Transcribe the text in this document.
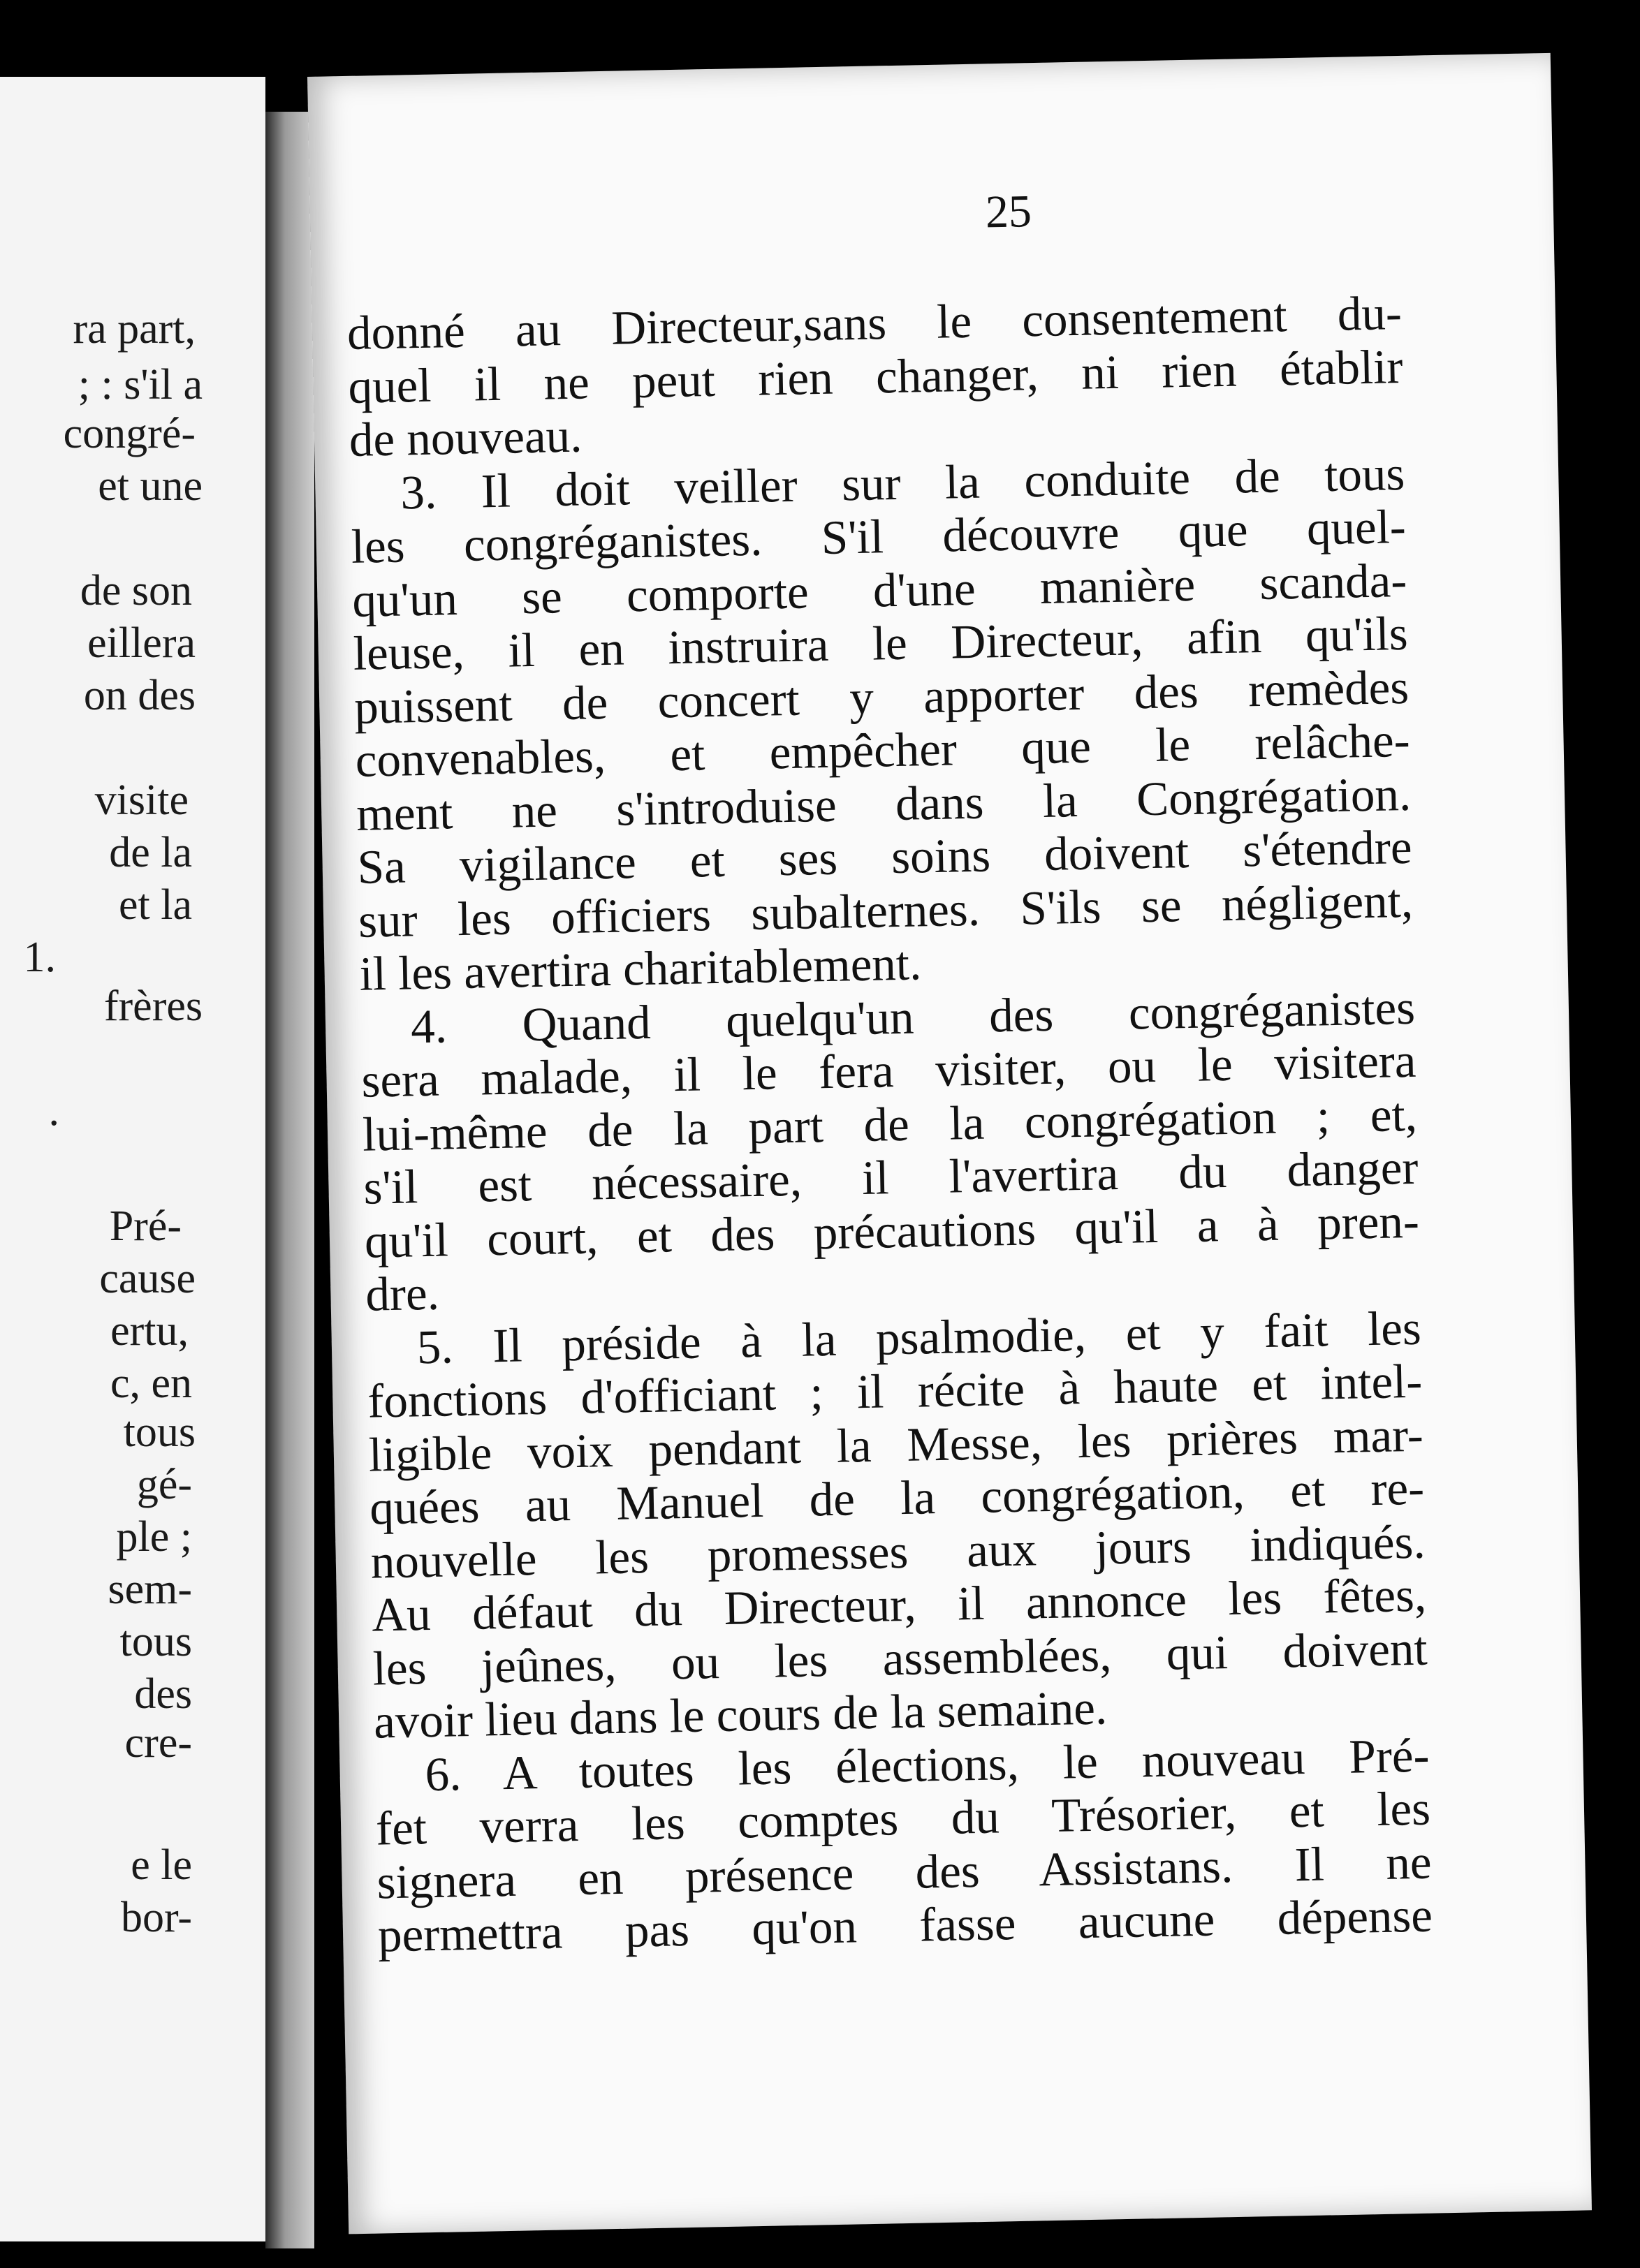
ra part,
; : s'il a
congré-
et une
de son
eillera
on des
visite
de la
et la
1.
frères
.
Pré-
cause
ertu,
c, en
tous
gé-
ple ;
sem-
tous
des
cre-
e le
bor-
25
donné au Directeur,sans le consentement du-
quel il ne peut rien changer, ni rien établir
de nouveau.
3. Il doit veiller sur la conduite de tous
les congréganistes. S'il découvre que quel-
qu'un se comporte d'une manière scanda-
leuse, il en instruira le Directeur, afin qu'ils
puissent de concert y apporter des remèdes
convenables, et empêcher que le relâche-
ment ne s'introduise dans la Congrégation.
Sa vigilance et ses soins doivent s'étendre
sur les officiers subalternes. S'ils se négligent,
il les avertira charitablement.
4. Quand quelqu'un des congréganistes
sera malade, il le fera visiter, ou le visitera
lui-même de la part de la congrégation ; et,
s'il est nécessaire, il l'avertira du danger
qu'il court, et des précautions qu'il a à pren-
dre.
5. Il préside à la psalmodie, et y fait les
fonctions d'officiant ; il récite à haute et intel-
ligible voix pendant la Messe, les prières mar-
quées au Manuel de la congrégation, et re-
nouvelle les promesses aux jours indiqués.
Au défaut du Directeur, il annonce les fêtes,
les jeûnes, ou les assemblées, qui doivent
avoir lieu dans le cours de la semaine.
6. A toutes les élections, le nouveau Pré-
fet verra les comptes du Trésorier, et les
signera en présence des Assistans. Il ne
permettra pas qu'on fasse aucune dépense
